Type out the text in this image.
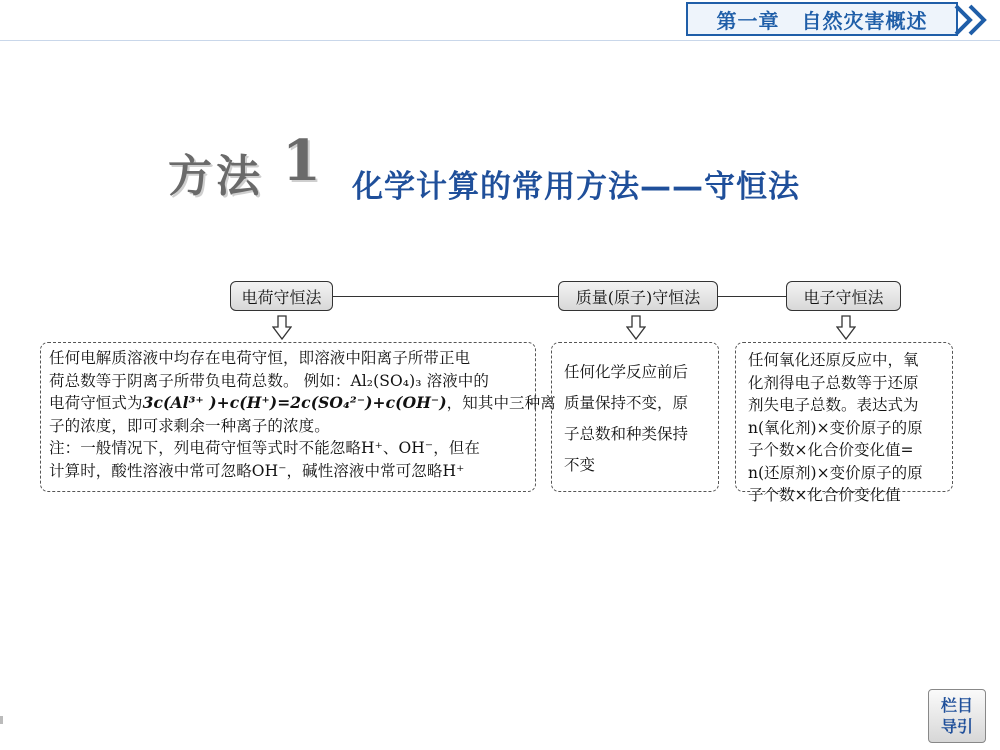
第一章 自然灾害概述
方法 1 化学计算的常用方法——守恒法
电荷守恒法	质量(原子)守恒法	电子守恒法
任何电解质溶液中均存在电荷守恒，即溶液中阳离子所带正电
荷总数等于阴离子所带负电荷总数。 例如：Al₂(SO₄)₃ 溶液中的
电荷守恒式为3c(Al³⁺ )+c(H⁺)=2c(SO₄²⁻)+c(OH⁻)，知其中三种离
子的浓度，即可求剩余一种离子的浓度。
注：一般情况下，列电荷守恒等式时不能忽略H⁺、OH⁻，但在
计算时，酸性溶液中常可忽略OH⁻，碱性溶液中常可忽略H⁺
任何化学反应前后
质量保持不变，原
子总数和种类保持
不变
任何氧化还原反应中，氧
化剂得电子总数等于还原
剂失电子总数。表达式为
n(氧化剂)×变价原子的原
子个数×化合价变化值=
n(还原剂)×变价原子的原
子个数×化合价变化值
栏目
导引
